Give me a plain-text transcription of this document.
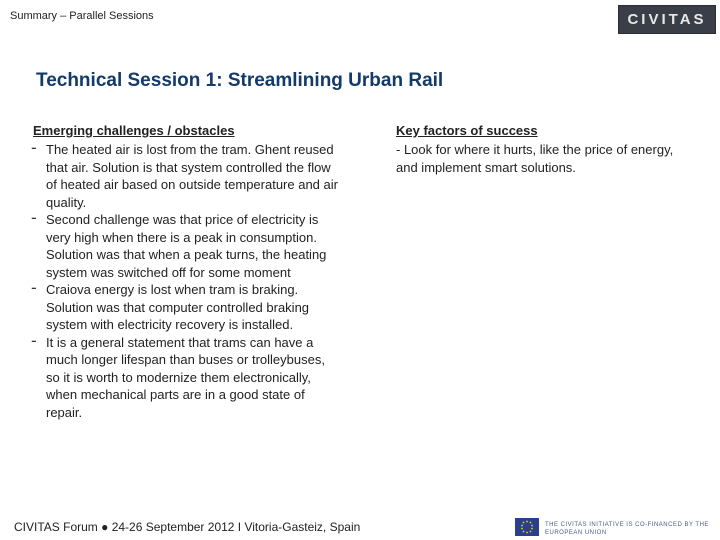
Summary – Parallel Sessions	CIVITAS
Technical Session 1: Streamlining Urban Rail

Emerging challenges / obstacles

- The heated air is lost from the tram. Ghent reused that air. Solution is that system controlled the flow of heated air based on outside temperature and air quality.
- Second challenge was that price of electricity is very high when there is a peak in consumption. Solution was that when a peak turns, the heating system was switched off for some moment
- Craiova energy is lost when tram is braking. Solution was that computer controlled braking system with electricity recovery is installed.
- It is a general statement that trams can have a much longer lifespan than buses or trolleybuses, so it is worth to modernize them electronically, when mechanical parts are in a good state of repair.

Key factors of success

- Look for where it hurts, like the price of energy, and implement smart solutions.

CIVITAS Forum ● 24-26 September 2012 I Vitoria-Gasteiz, Spain	THE CIVITAS INITIATIVE IS CO-FINANCED BY THE EUROPEAN UNION
